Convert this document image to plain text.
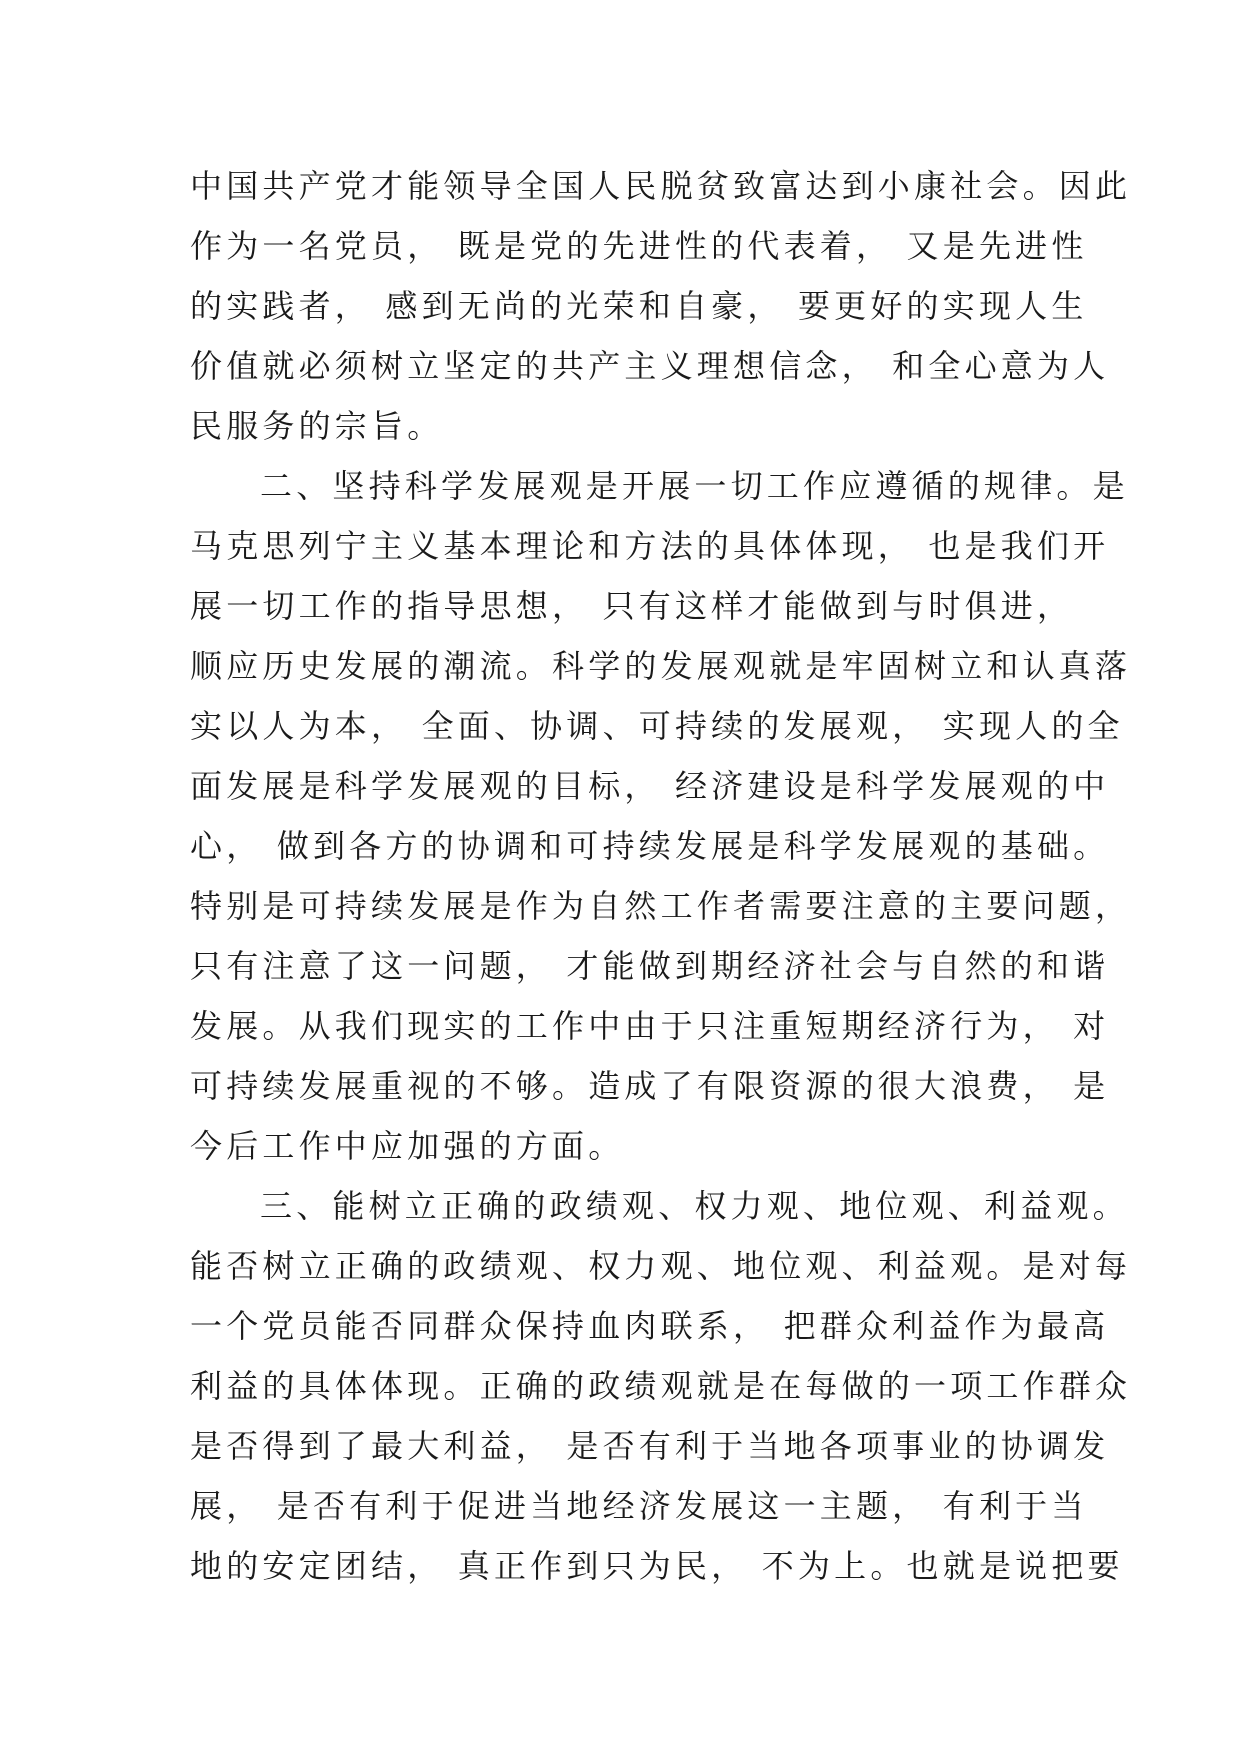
中国共产党才能领导全国人民脱贫致富达到小康社会。因此
作为一名党员， 既是党的先进性的代表着， 又是先进性
的实践者， 感到无尚的光荣和自豪， 要更好的实现人生
价值就必须树立坚定的共产主义理想信念， 和全心意为人
民服务的宗旨。
二、坚持科学发展观是开展一切工作应遵循的规律。是
马克思列宁主义基本理论和方法的具体体现， 也是我们开
展一切工作的指导思想， 只有这样才能做到与时俱进，
顺应历史发展的潮流。科学的发展观就是牢固树立和认真落
实以人为本， 全面、协调、可持续的发展观， 实现人的全
面发展是科学发展观的目标， 经济建设是科学发展观的中
心， 做到各方的协调和可持续发展是科学发展观的基础。
特别是可持续发展是作为自然工作者需要注意的主要问题，
只有注意了这一问题， 才能做到期经济社会与自然的和谐
发展。从我们现实的工作中由于只注重短期经济行为， 对
可持续发展重视的不够。造成了有限资源的很大浪费， 是
今后工作中应加强的方面。
三、能树立正确的政绩观、权力观、地位观、利益观。
能否树立正确的政绩观、权力观、地位观、利益观。是对每
一个党员能否同群众保持血肉联系， 把群众利益作为最高
利益的具体体现。正确的政绩观就是在每做的一项工作群众
是否得到了最大利益， 是否有利于当地各项事业的协调发
展， 是否有利于促进当地经济发展这一主题， 有利于当
地的安定团结， 真正作到只为民， 不为上。也就是说把要
